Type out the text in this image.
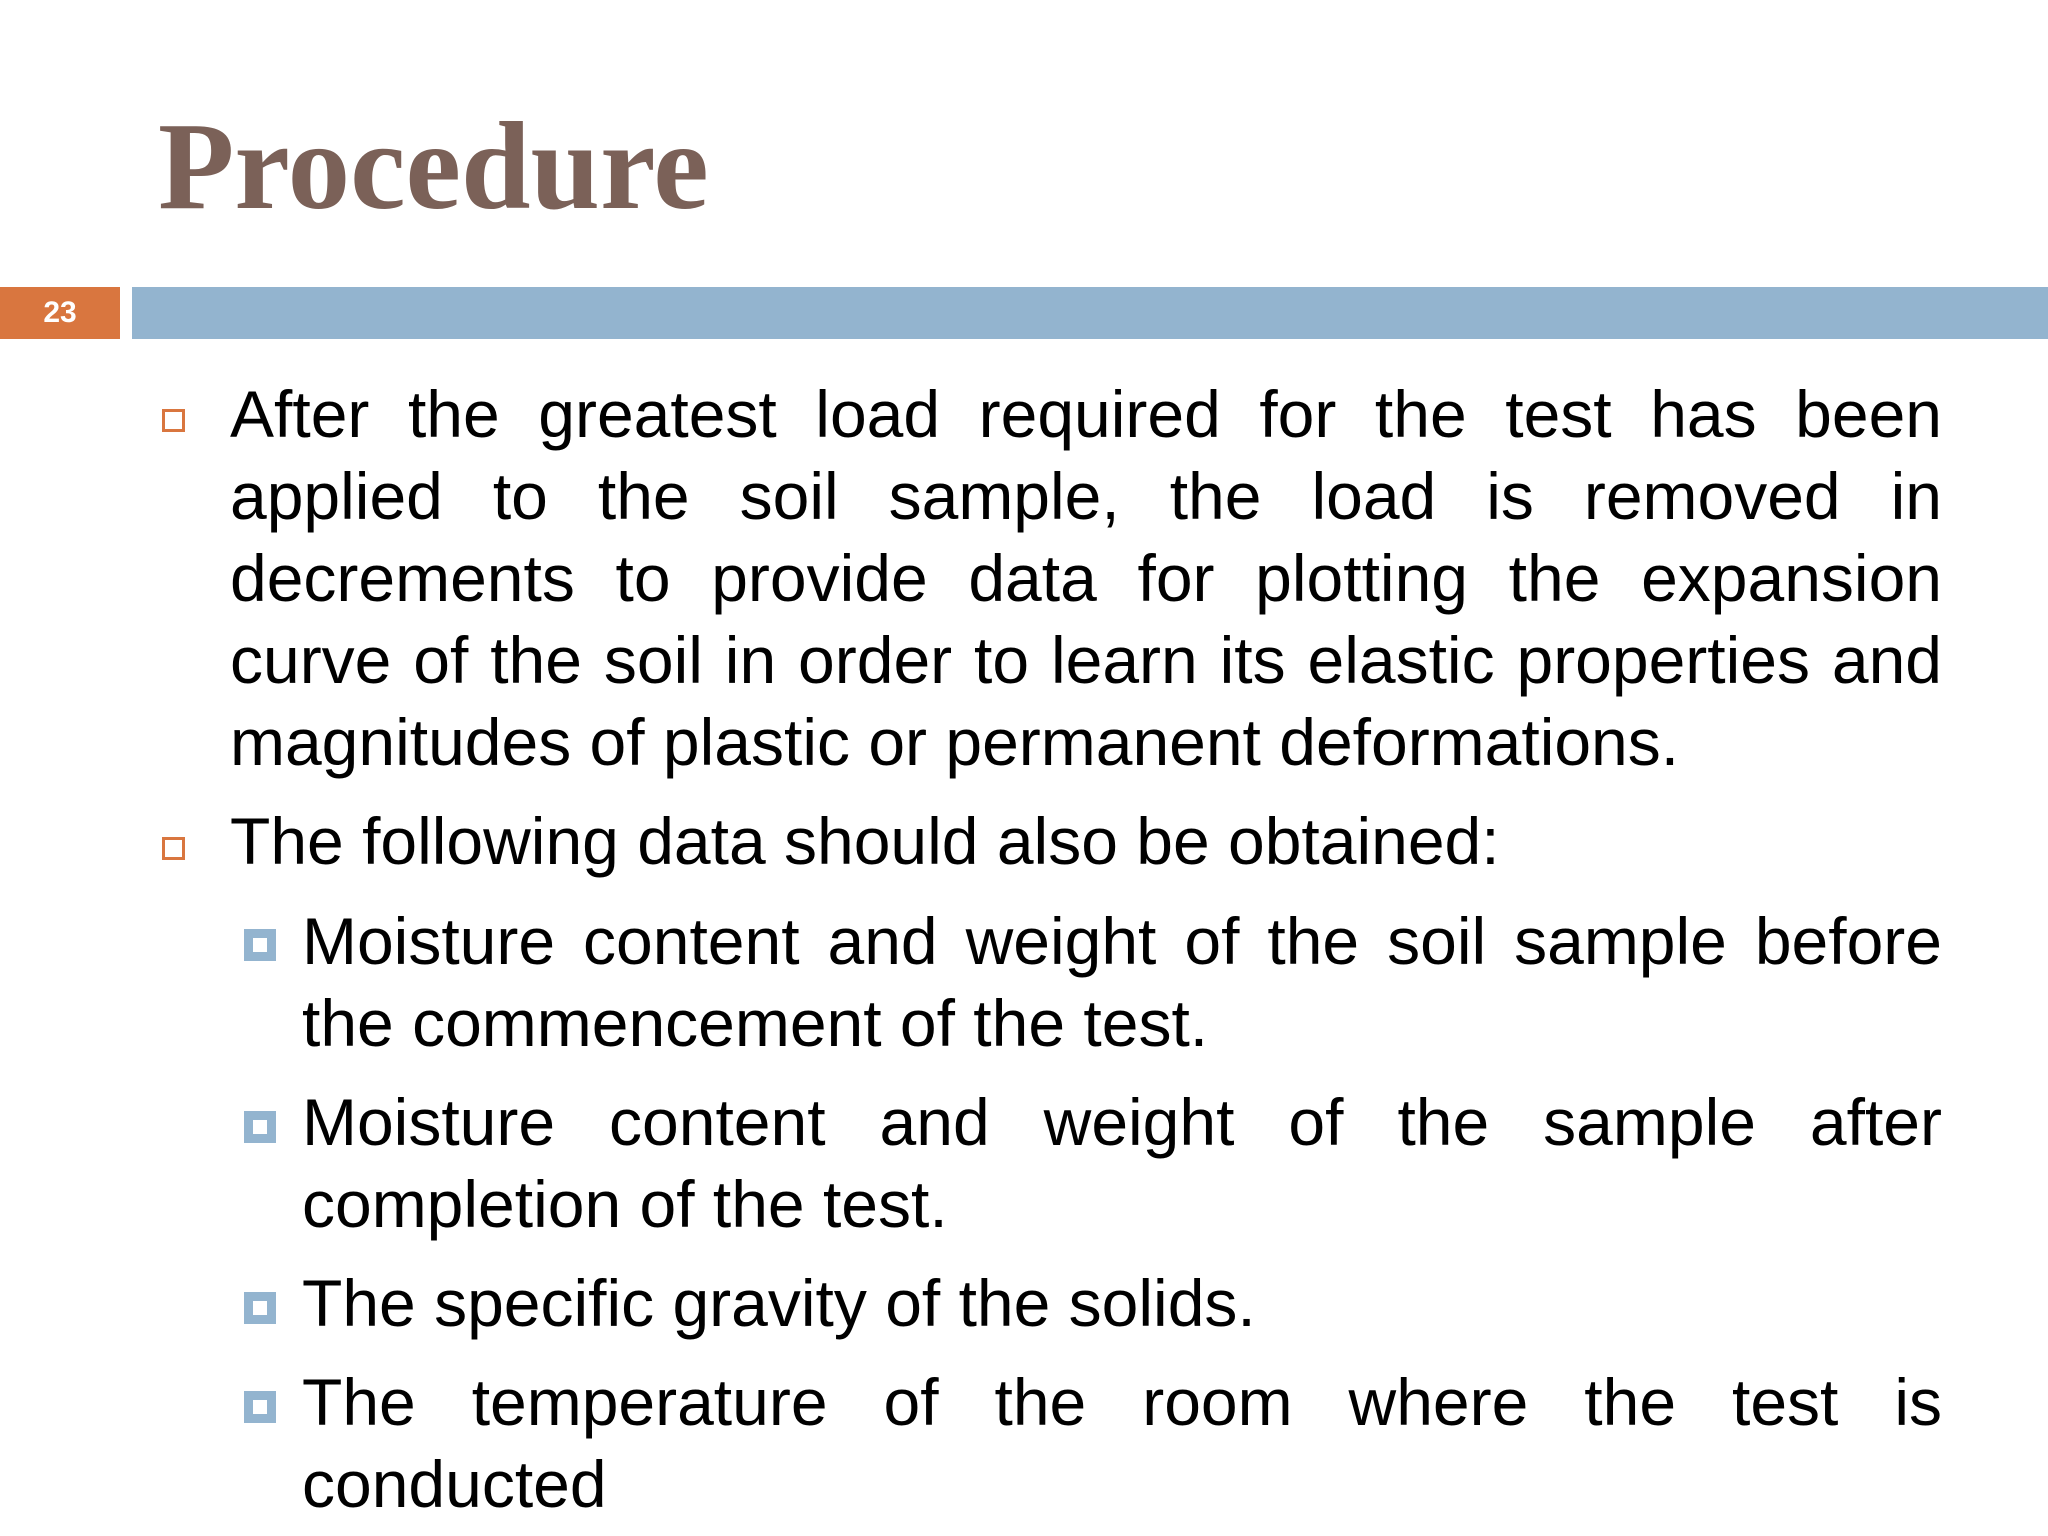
Procedure
23
After the greatest load required for the test has been applied to the soil sample, the load is removed in decrements to provide data for plotting the expansion curve of the soil in order to learn its elastic properties and magnitudes of plastic or permanent deformations.
The following data should also be obtained:
Moisture content and weight of the soil sample before the commencement of the test.
Moisture content and weight of the sample after completion of the test.
The specific gravity of the solids.
The temperature of the room where the test is conducted
